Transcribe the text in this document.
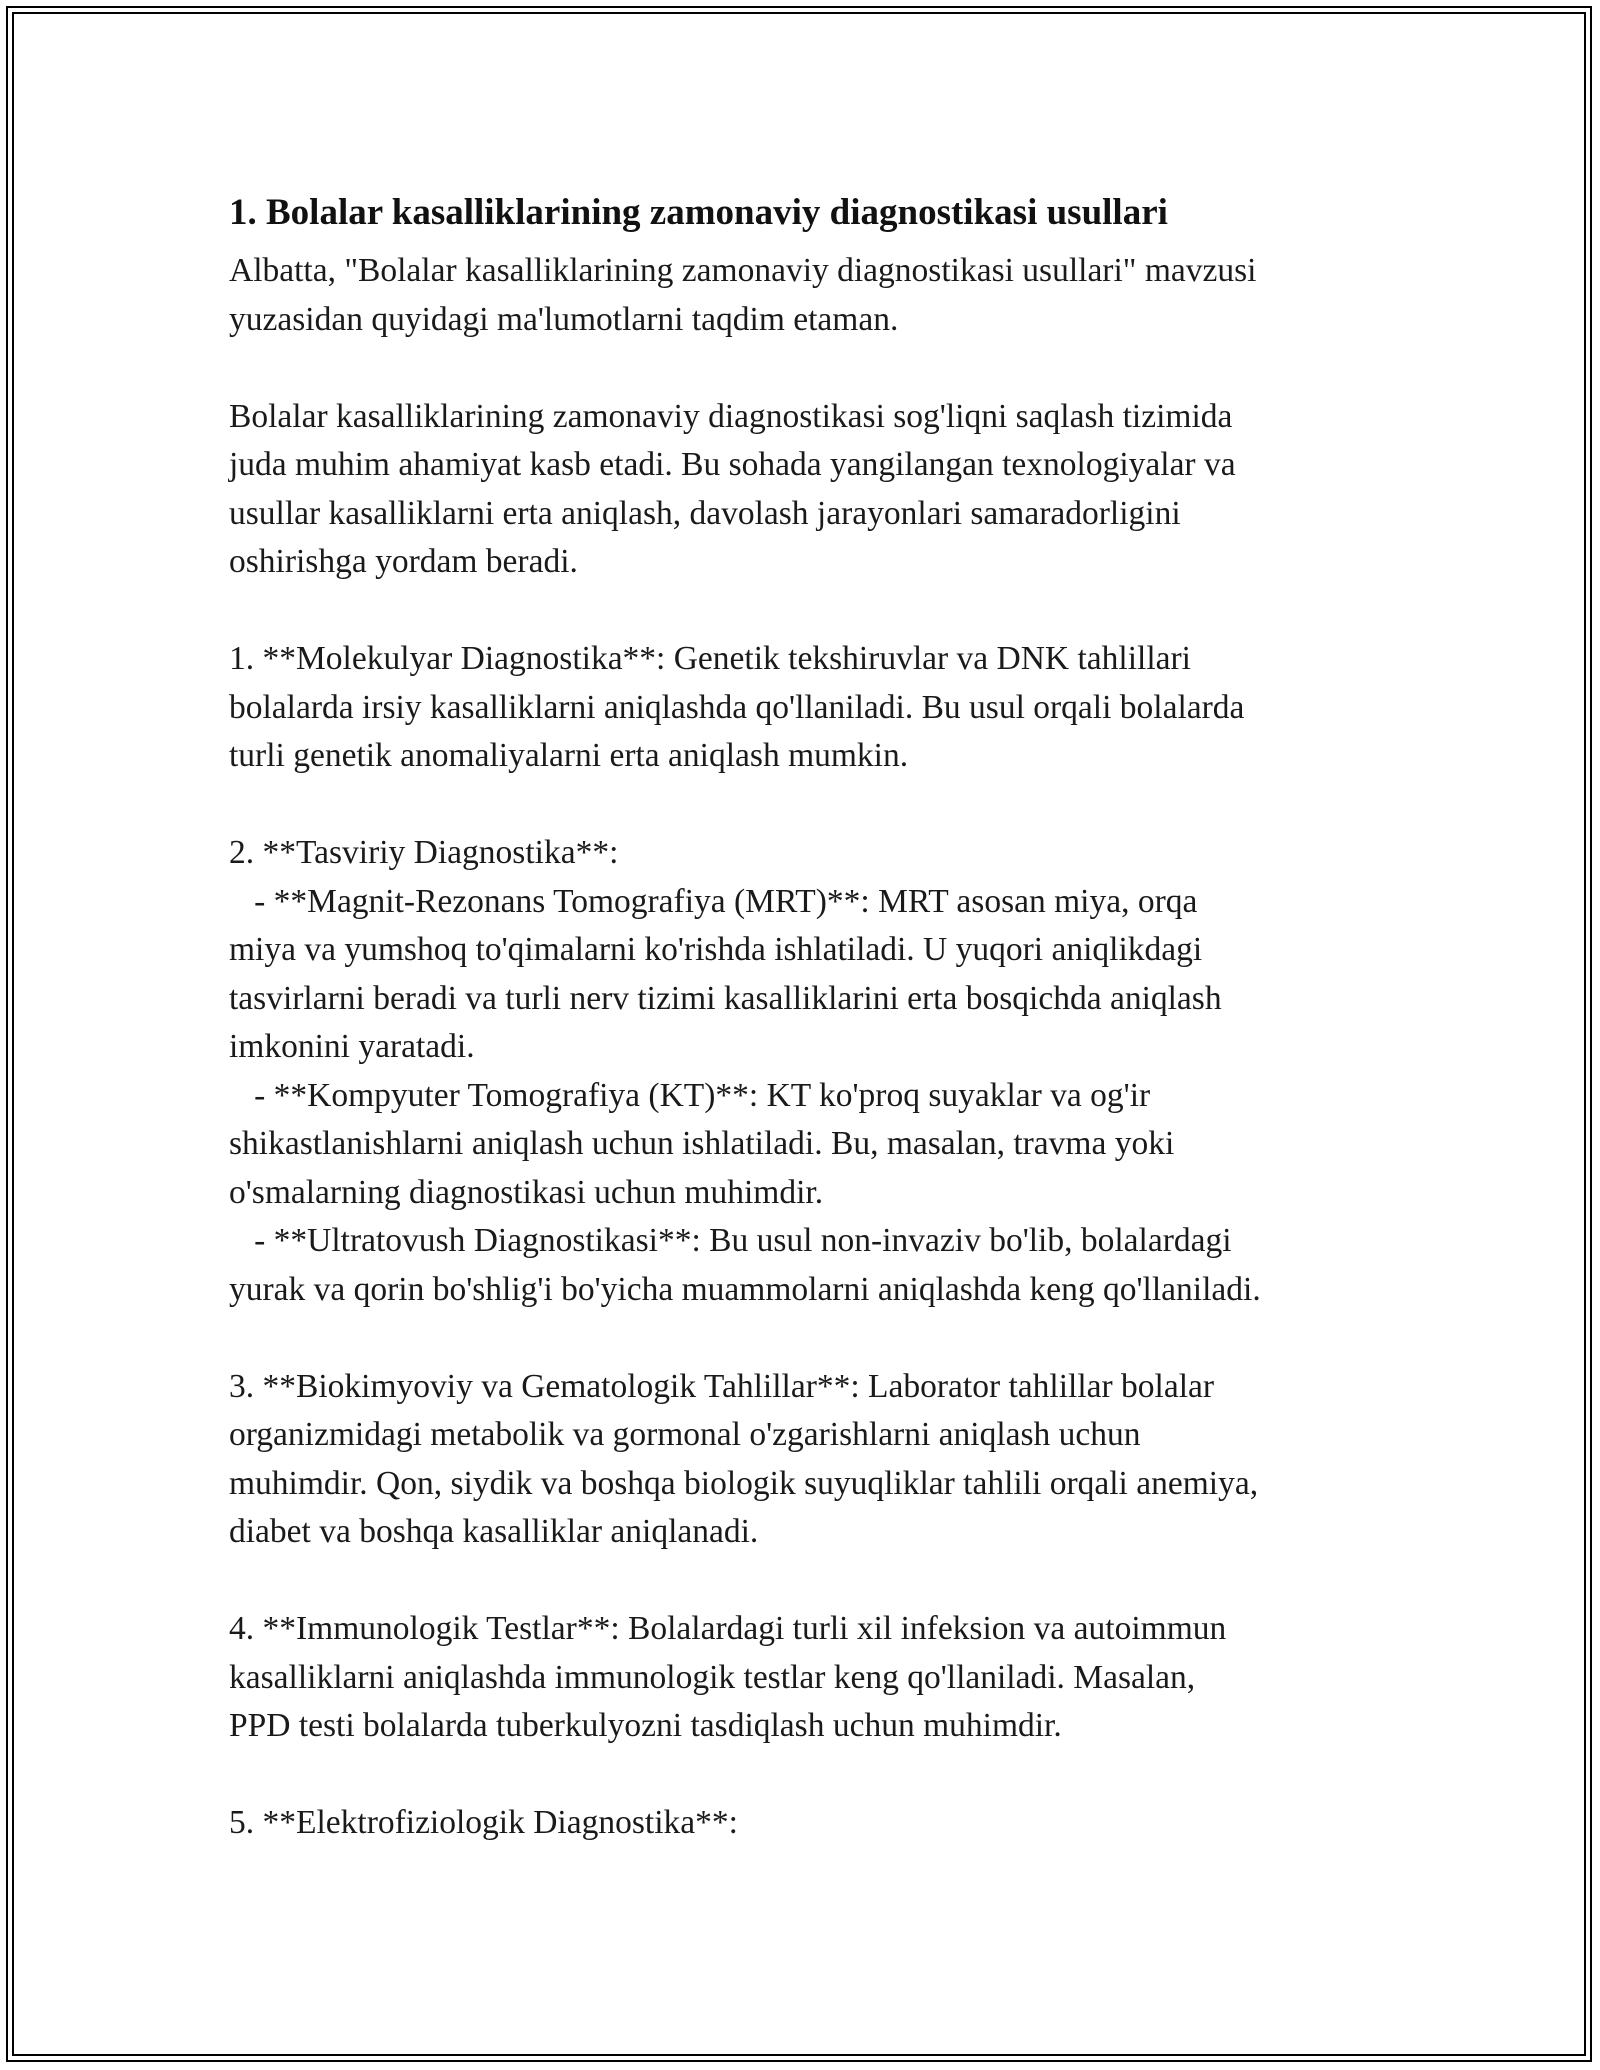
1. Bolalar kasalliklarining zamonaviy diagnostikasi usullari

Albatta, "Bolalar kasalliklarining zamonaviy diagnostikasi usullari" mavzusi

yuzasidan quyidagi ma'lumotlarni taqdim etaman.

Bolalar kasalliklarining zamonaviy diagnostikasi sog'liqni saqlash tizimida

juda muhim ahamiyat kasb etadi. Bu sohada yangilangan texnologiyalar va

usullar kasalliklarni erta aniqlash, davolash jarayonlari samaradorligini

oshirishga yordam beradi.

1. **Molekulyar Diagnostika**: Genetik tekshiruvlar va DNK tahlillari

bolalarda irsiy kasalliklarni aniqlashda qo'llaniladi. Bu usul orqali bolalarda

turli genetik anomaliyalarni erta aniqlash mumkin.

2. **Tasviriy Diagnostika**:

- **Magnit-Rezonans Tomografiya (MRT)**: MRT asosan miya, orqa

miya va yumshoq to'qimalarni ko'rishda ishlatiladi. U yuqori aniqlikdagi

tasvirlarni beradi va turli nerv tizimi kasalliklarini erta bosqichda aniqlash

imkonini yaratadi.

- **Kompyuter Tomografiya (KT)**: KT ko'proq suyaklar va og'ir

shikastlanishlarni aniqlash uchun ishlatiladi. Bu, masalan, travma yoki

o'smalarning diagnostikasi uchun muhimdir.

- **Ultratovush Diagnostikasi**: Bu usul non-invaziv bo'lib, bolalardagi

yurak va qorin bo'shlig'i bo'yicha muammolarni aniqlashda keng qo'llaniladi.

3. **Biokimyoviy va Gematologik Tahlillar**: Laborator tahlillar bolalar

organizmidagi metabolik va gormonal o'zgarishlarni aniqlash uchun

muhimdir. Qon, siydik va boshqa biologik suyuqliklar tahlili orqali anemiya,

diabet va boshqa kasalliklar aniqlanadi.

4. **Immunologik Testlar**: Bolalardagi turli xil infeksion va autoimmun

kasalliklarni aniqlashda immunologik testlar keng qo'llaniladi. Masalan,

PPD testi bolalarda tuberkulyozni tasdiqlash uchun muhimdir.

5. **Elektrofiziologik Diagnostika**:
